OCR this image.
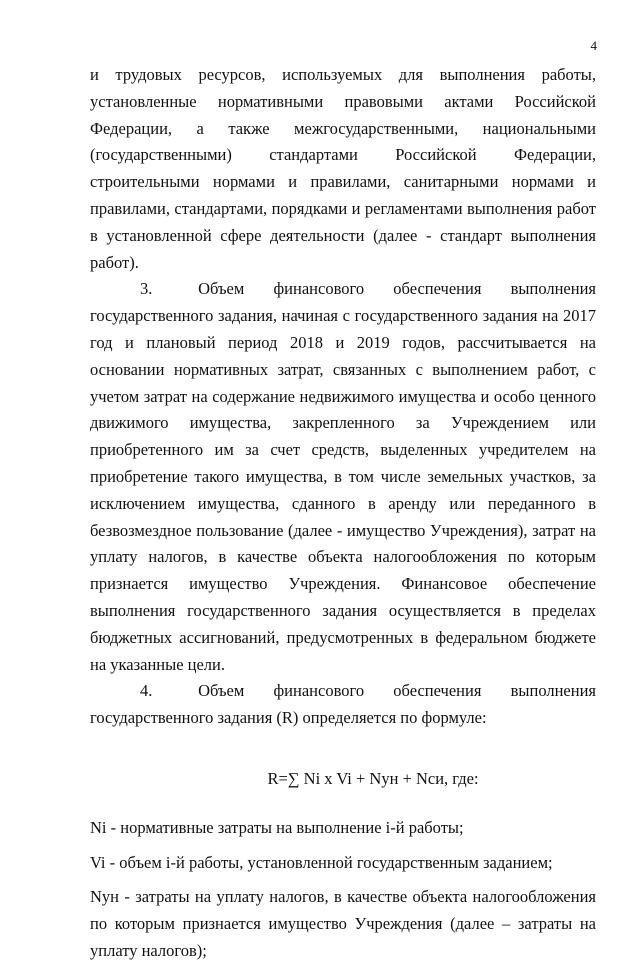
4

и трудовых ресурсов, используемых для выполнения работы, установленные нормативными правовыми актами Российской Федерации, а также межгосударственными, национальными (государственными) стандартами Российской Федерации, строительными нормами и правилами, санитарными нормами и правилами, стандартами, порядками и регламентами выполнения работ в установленной сфере деятельности (далее - стандарт выполнения работ).

3.  Объем финансового обеспечения выполнения государственного задания, начиная с государственного задания на 2017 год и плановый период 2018 и 2019 годов, рассчитывается на основании нормативных затрат, связанных с выполнением работ, с учетом затрат на содержание недвижимого имущества и особо ценного движимого имущества, закрепленного за Учреждением или приобретенного им за счет средств, выделенных учредителем на приобретение такого имущества, в том числе земельных участков, за исключением имущества, сданного в аренду или переданного в безвозмездное пользование (далее - имущество Учреждения), затрат на уплату налогов, в качестве объекта налогообложения по которым признается имущество Учреждения. Финансовое обеспечение выполнения государственного задания осуществляется в пределах бюджетных ассигнований, предусмотренных в федеральном бюджете на указанные цели.

4.  Объем финансового обеспечения выполнения государственного задания (R) определяется по формуле:

R=∑ Ni x Vi + Nун + Nси, где:

Ni - нормативные затраты на выполнение i-й работы;

Vi - объем i-й работы, установленной государственным заданием;

Nун - затраты на уплату налогов, в качестве объекта налогообложения по которым признается имущество Учреждения (далее – затраты на уплату налогов);
